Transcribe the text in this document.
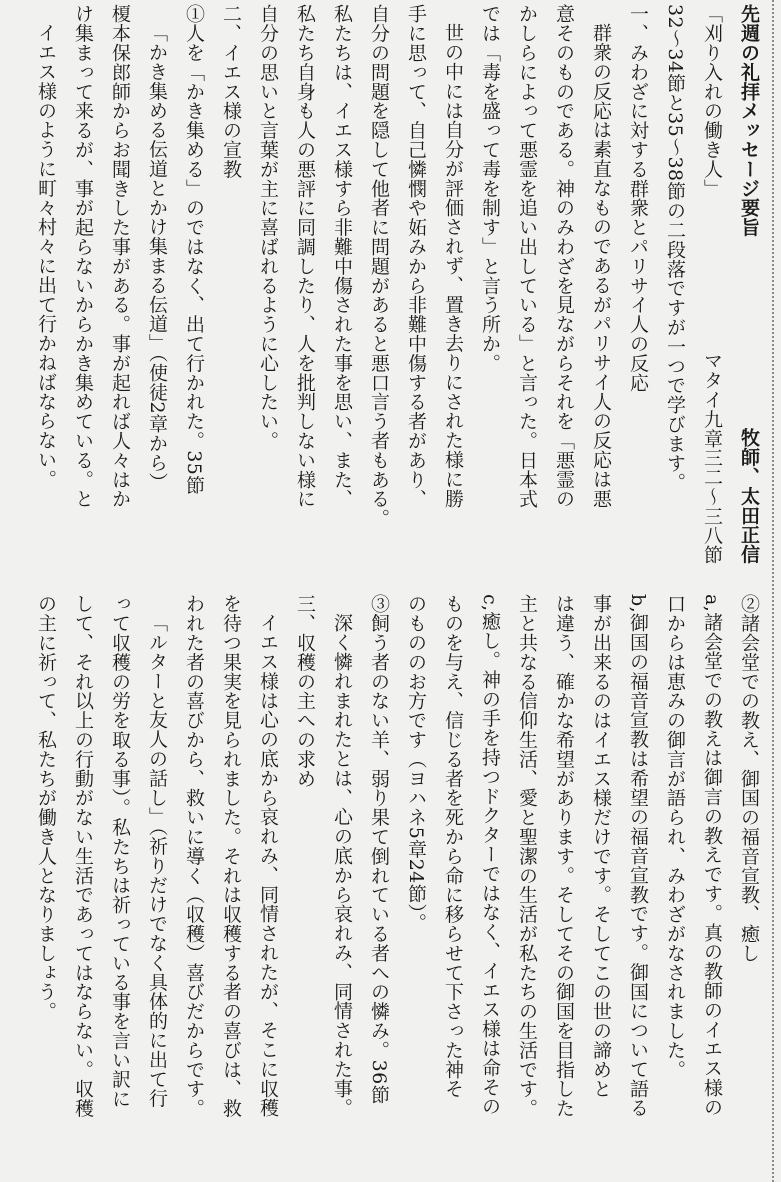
先週の礼拝メッセージ要旨
牧師、太田正信
「刈り入れの働き人」
マタイ九章三二～三八節
32～34節と35～38節の二段落ですが一つで学びます。
一、みわざに対する群衆とパリサイ人の反応
群衆の反応は素直なものであるがパリサイ人の反応は悪
意そのものである。神のみわざを見ながらそれを「悪霊の
かしらによって悪霊を追い出している」と言った。日本式
では「毒を盛って毒を制す」と言う所か。
世の中には自分が評価されず、置き去りにされた様に勝
手に思って、自己憐憫や妬みから非難中傷する者があり、
自分の問題を隠して他者に問題があると悪口言う者もある。
私たちは、イエス様すら非難中傷された事を思い、また、
私たち自身も人の悪評に同調したり、人を批判しない様に
自分の思いと言葉が主に喜ばれるように心したい。
二、イエス様の宣教
①人を「かき集める」のではなく、出て行かれた。35節
「かき集める伝道とかけ集まる伝道」（使徒2章から）
榎本保郎師からお聞きした事がある。事が起れば人々はか
け集まって来るが、事が起らないからかき集めている。と
イエス様のように町々村々に出て行かねばならない。
②諸会堂での教え、御国の福音宣教、癒し
a,諸会堂での教えは御言の教えです。真の教師のイエス様の
口からは恵みの御言が語られ、みわざがなされました。
b,御国の福音宣教は希望の福音宣教です。御国について語る
事が出来るのはイエス様だけです。そしてこの世の諦めと
は違う、確かな希望があります。そしてその御国を目指した
主と共なる信仰生活、愛と聖潔の生活が私たちの生活です。
c,癒し。神の手を持つドクターではなく、イエス様は命その
ものを与え、信じる者を死から命に移らせて下さった神そ
のもののお方です（ヨハネ5章24節）。
③飼う者のない羊、弱り果て倒れている者への憐み。36節
深く憐れまれたとは、心の底から哀れみ、同情された事。
三、収穫の主への求め
イエス様は心の底から哀れみ、同情されたが、そこに収穫
を待つ果実を見られました。それは収穫する者の喜びは、救
われた者の喜びから、救いに導く（収穫）喜びだからです。
「ルターと友人の話し」（祈りだけでなく具体的に出て行
って収穫の労を取る事）。私たちは祈っている事を言い訳に
して、それ以上の行動がない生活であってはならない。収穫
の主に祈って、私たちが働き人となりましょう。
